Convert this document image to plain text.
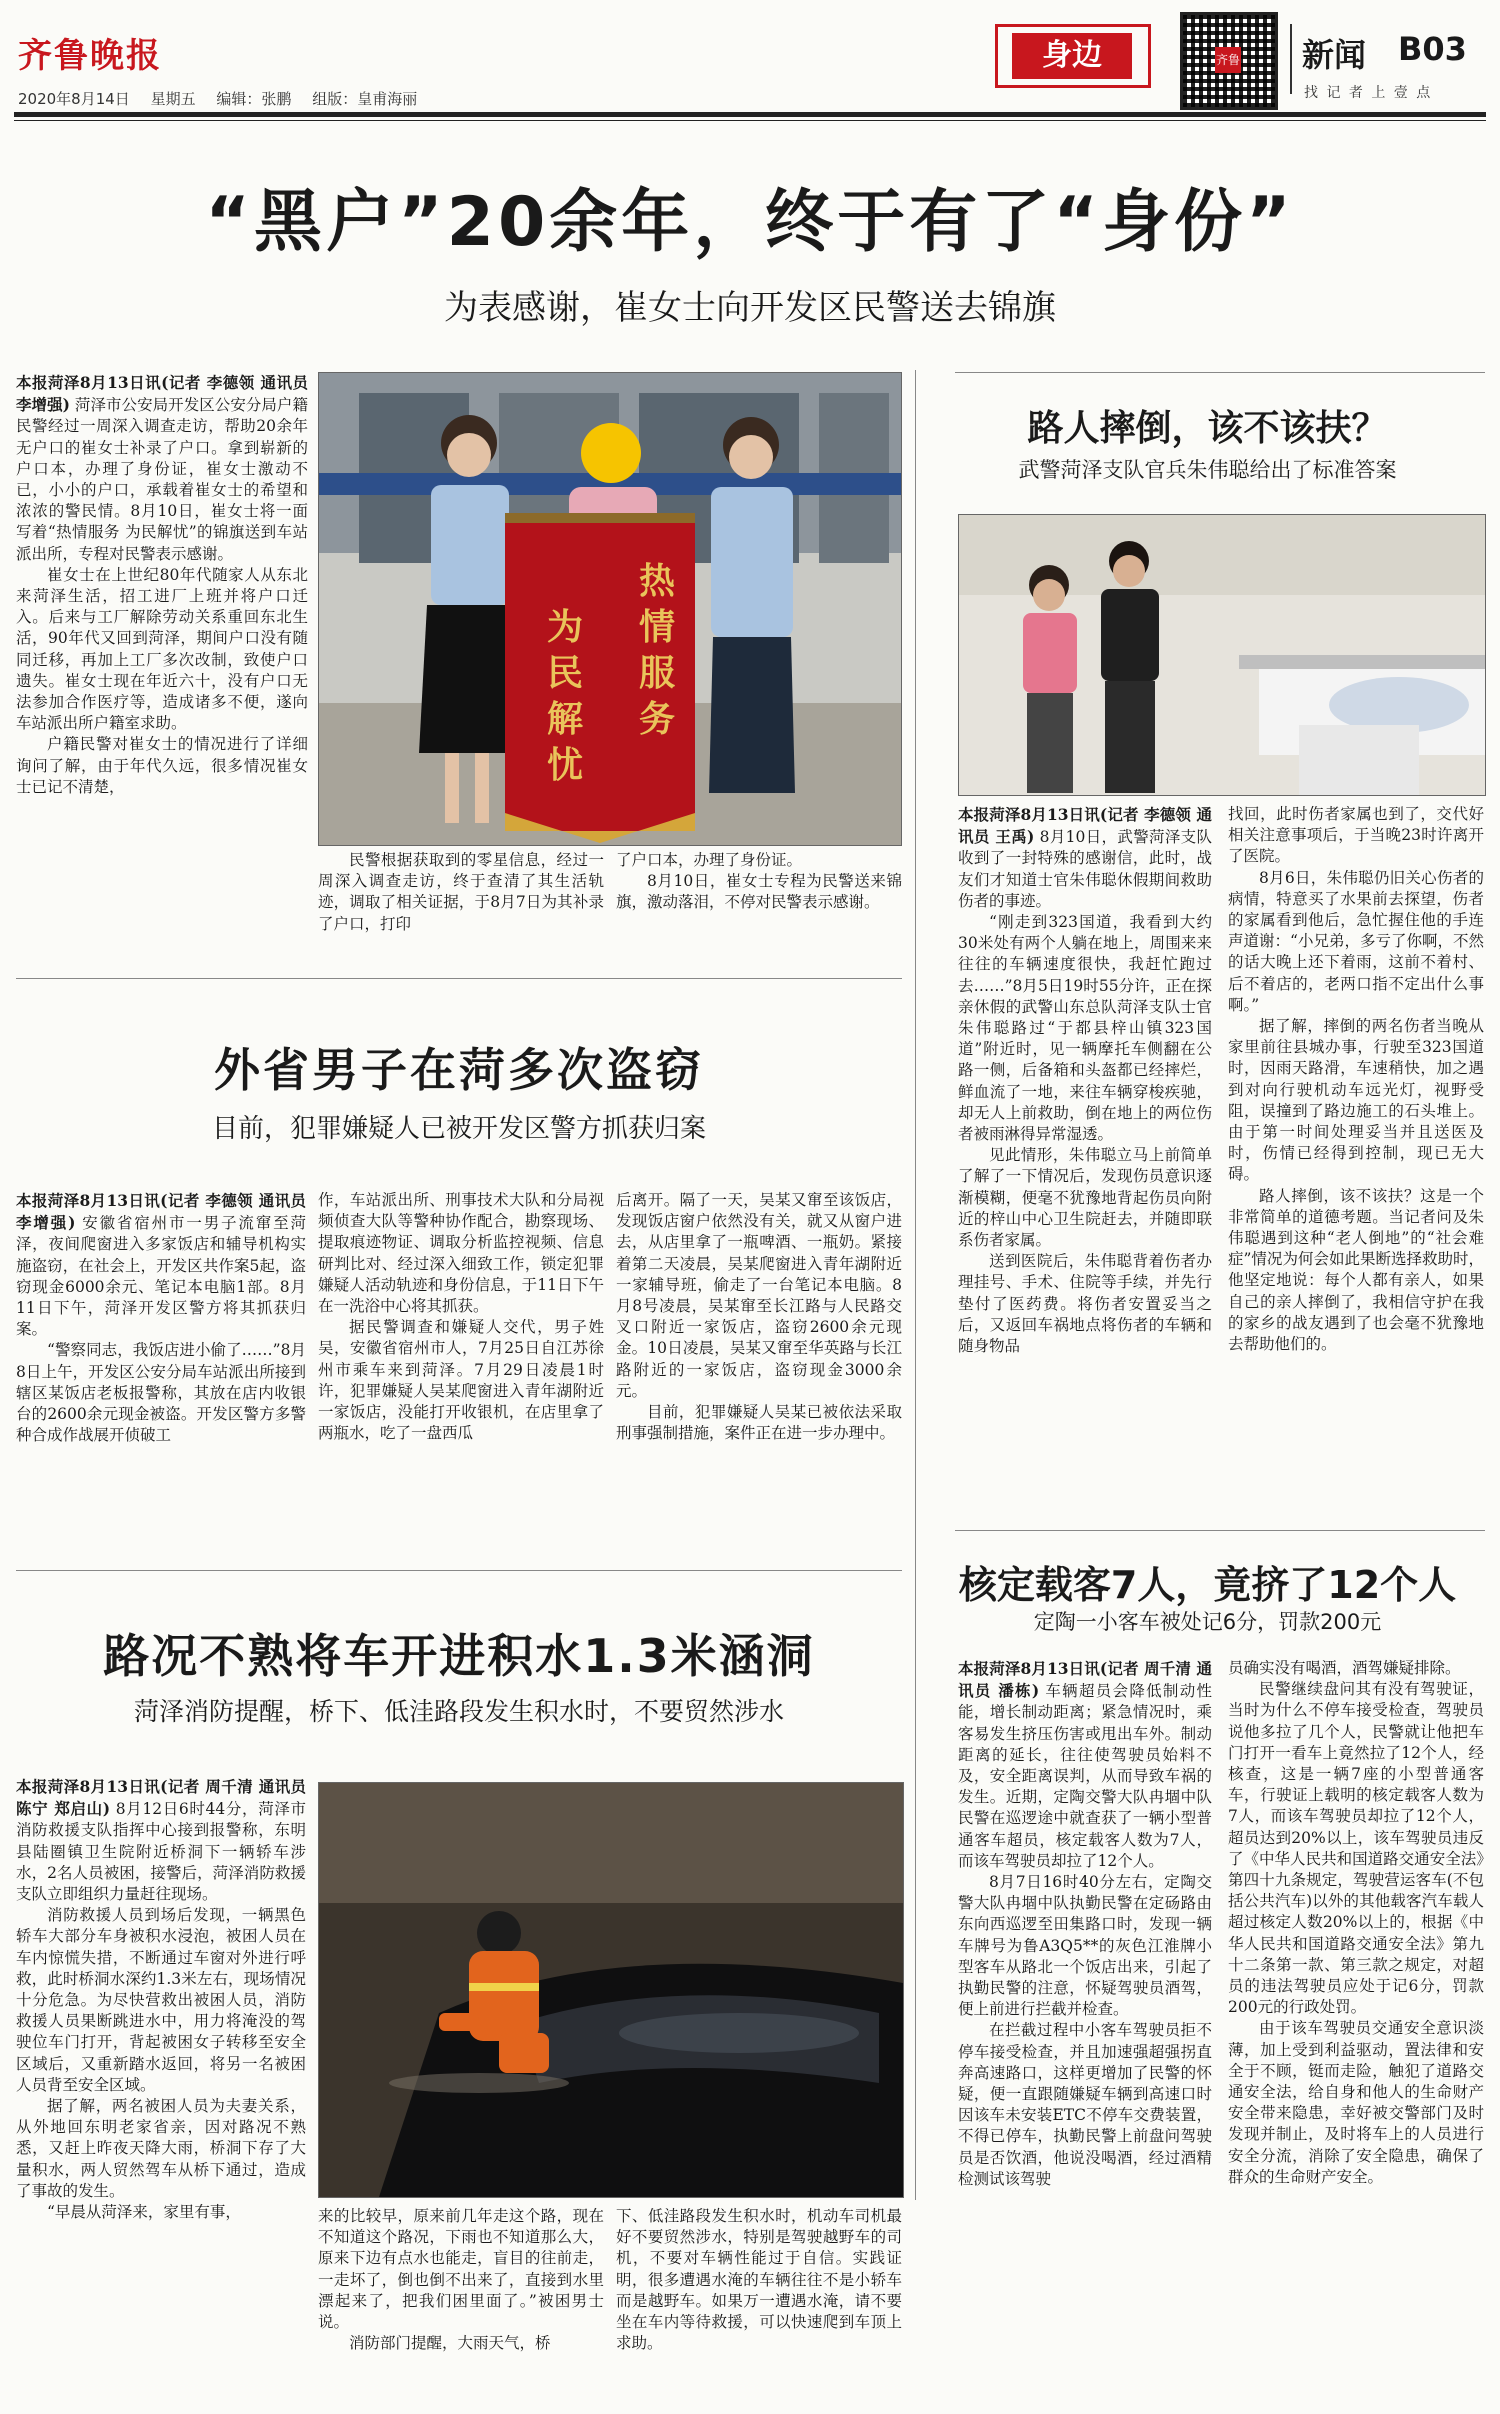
齐鲁晚报
2020年8月14日 星期五 编辑：张鹏 组版：皇甫海丽
身边	齐鲁 新闻 B03
找 记 者 上 壹 点
“黑户”20余年，终于有了“身份”
为表感谢，崔女士向开发区民警送去锦旗

本报菏泽8月13日讯(记者 李德领 通讯员 李增强) 菏泽市公安局开发区公安分局户籍民警经过一周深入调查走访，帮助20余年无户口的崔女士补录了户口。拿到崭新的户口本，办理了身份证，崔女士激动不已，小小的户口，承载着崔女士的希望和浓浓的警民情。8月10日，崔女士将一面写着“热情服务 为民解忧”的锦旗送到车站派出所，专程对民警表示感谢。

崔女士在上世纪80年代随家人从东北来菏泽生活，招工进厂上班并将户口迁入。后来与工厂解除劳动关系重回东北生活，90年代又回到菏泽，期间户口没有随同迁移，再加上工厂多次改制，致使户口遗失。崔女士现在年近六十，没有户口无法参加合作医疗等，造成诸多不便，遂向车站派出所户籍室求助。

户籍民警对崔女士的情况进行了详细询问了解，由于年代久远，很多情况崔女士已记不清楚，

热
情
服
务
为
民
解
忧

民警根据获取到的零星信息，经过一周深入调查走访，终于查清了其生活轨迹，调取了相关证据，于8月7日为其补录了户口，打印

了户口本，办理了身份证。

8月10日，崔女士专程为民警送来锦旗，激动落泪，不停对民警表示感谢。

路人摔倒，该不该扶？
武警菏泽支队官兵朱伟聪给出了标准答案

本报菏泽8月13日讯(记者 李德领 通讯员 王禹) 8月10日，武警菏泽支队收到了一封特殊的感谢信，此时，战友们才知道士官朱伟聪休假期间救助伤者的事迹。

“刚走到323国道，我看到大约30米处有两个人躺在地上，周围来来往往的车辆速度很快，我赶忙跑过去……”8月5日19时55分许，正在探亲休假的武警山东总队菏泽支队士官朱伟聪路过“于都县梓山镇323国道”附近时，见一辆摩托车侧翻在公路一侧，后备箱和头盔都已经摔烂，鲜血流了一地，来往车辆穿梭疾驰，却无人上前救助，倒在地上的两位伤者被雨淋得异常湿透。

见此情形，朱伟聪立马上前简单了解了一下情况后，发现伤员意识逐渐模糊，便毫不犹豫地背起伤员向附近的梓山中心卫生院赶去，并随即联系伤者家属。

送到医院后，朱伟聪背着伤者办理挂号、手术、住院等手续，并先行垫付了医药费。将伤者安置妥当之后，又返回车祸地点将伤者的车辆和随身物品

找回，此时伤者家属也到了，交代好相关注意事项后，于当晚23时许离开了医院。

8月6日，朱伟聪仍旧关心伤者的病情，特意买了水果前去探望，伤者的家属看到他后，急忙握住他的手连声道谢：“小兄弟，多亏了你啊，不然的话大晚上还下着雨，这前不着村、后不着店的，老两口指不定出什么事啊。”

据了解，摔倒的两名伤者当晚从家里前往县城办事，行驶至323国道时，因雨天路滑，车速稍快，加之遇到对向行驶机动车远光灯，视野受阻，误撞到了路边施工的石头堆上。由于第一时间处理妥当并且送医及时，伤情已经得到控制，现已无大碍。

路人摔倒，该不该扶？这是一个非常简单的道德考题。当记者问及朱伟聪遇到这种“老人倒地”的“社会难症”情况为何会如此果断选择救助时，他坚定地说：每个人都有亲人，如果自己的亲人摔倒了，我相信守护在我的家乡的战友遇到了也会毫不犹豫地去帮助他们的。

外省男子在菏多次盗窃
目前，犯罪嫌疑人已被开发区警方抓获归案

本报菏泽8月13日讯(记者 李德领 通讯员 李增强) 安徽省宿州市一男子流窜至菏泽，夜间爬窗进入多家饭店和辅导机构实施盗窃，在社会上，开发区共作案5起，盗窃现金6000余元、笔记本电脑1部。8月11日下午，菏泽开发区警方将其抓获归案。

“警察同志，我饭店进小偷了……”8月8日上午，开发区公安分局车站派出所接到辖区某饭店老板报警称，其放在店内收银台的2600余元现金被盗。开发区警方多警种合成作战展开侦破工

作，车站派出所、刑事技术大队和分局视频侦查大队等警种协作配合，勘察现场、提取痕迹物证、调取分析监控视频、信息研判比对、经过深入细致工作，锁定犯罪嫌疑人活动轨迹和身份信息，于11日下午在一洗浴中心将其抓获。

据民警调查和嫌疑人交代，男子姓吴，安徽省宿州市人，7月25日自江苏徐州市乘车来到菏泽。7月29日凌晨1时许，犯罪嫌疑人吴某爬窗进入青年湖附近一家饭店，没能打开收银机，在店里拿了两瓶水，吃了一盘西瓜

后离开。隔了一天，吴某又窜至该饭店，发现饭店窗户依然没有关，就又从窗户进去，从店里拿了一瓶啤酒、一瓶奶。紧接着第二天凌晨，吴某爬窗进入青年湖附近一家辅导班，偷走了一台笔记本电脑。8月8号凌晨，吴某窜至长江路与人民路交叉口附近一家饭店，盗窃2600余元现金。10日凌晨，吴某又窜至华英路与长江路附近的一家饭店，盗窃现金3000余元。

目前，犯罪嫌疑人吴某已被依法采取刑事强制措施，案件正在进一步办理中。

核定载客7人，竟挤了12个人
定陶一小客车被处记6分，罚款200元

本报菏泽8月13日讯(记者 周千清 通讯员 潘栋) 车辆超员会降低制动性能，增长制动距离；紧急情况时，乘客易发生挤压伤害或甩出车外。制动距离的延长，往往使驾驶员始料不及，安全距离误判，从而导致车祸的发生。近期，定陶交警大队冉堌中队民警在巡逻途中就查获了一辆小型普通客车超员，核定载客人数为7人，而该车驾驶员却拉了12个人。

8月7日16时40分左右，定陶交警大队冉堌中队执勤民警在定砀路由东向西巡逻至田集路口时，发现一辆车牌号为鲁A3Q5**的灰色江淮牌小型客车从路北一个饭店出来，引起了执勤民警的注意，怀疑驾驶员酒驾，便上前进行拦截并检查。

在拦截过程中小客车驾驶员拒不停车接受检查，并且加速强超强拐直奔高速路口，这样更增加了民警的怀疑，便一直跟随嫌疑车辆到高速口时因该车未安装ETC不停车交费装置，不得已停车，执勤民警上前盘问驾驶员是否饮酒，他说没喝酒，经过酒精检测试该驾驶

员确实没有喝酒，酒驾嫌疑排除。

民警继续盘问其有没有驾驶证，当时为什么不停车接受检查，驾驶员说他多拉了几个人，民警就让他把车门打开一看车上竟然拉了12个人，经核查，这是一辆7座的小型普通客车，行驶证上载明的核定载客人数为7人，而该车驾驶员却拉了12个人，超员达到20%以上，该车驾驶员违反了《中华人民共和国道路交通安全法》第四十九条规定，驾驶营运客车(不包括公共汽车)以外的其他载客汽车载人超过核定人数20%以上的，根据《中华人民共和国道路交通安全法》第九十二条第一款、第三款之规定，对超员的违法驾驶员应处于记6分，罚款200元的行政处罚。

由于该车驾驶员交通安全意识淡薄，加上受到利益驱动，置法律和安全于不顾，铤而走险，触犯了道路交通安全法，给自身和他人的生命财产安全带来隐患，幸好被交警部门及时发现并制止，及时将车上的人员进行安全分流，消除了安全隐患，确保了群众的生命财产安全。

路况不熟将车开进积水1.3米涵洞
菏泽消防提醒，桥下、低洼路段发生积水时，不要贸然涉水

本报菏泽8月13日讯(记者 周千清 通讯员 陈宁 郑启山) 8月12日6时44分，菏泽市消防救援支队指挥中心接到报警称，东明县陆圈镇卫生院附近桥洞下一辆轿车涉水，2名人员被困，接警后，菏泽消防救援支队立即组织力量赶往现场。

消防救援人员到场后发现，一辆黑色轿车大部分车身被积水浸泡，被困人员在车内惊慌失措，不断通过车窗对外进行呼救，此时桥洞水深约1.3米左右，现场情况十分危急。为尽快营救出被困人员，消防救援人员果断跳进水中，用力将淹没的驾驶位车门打开，背起被困女子转移至安全区域后，又重新踏水返回，将另一名被困人员背至安全区域。

据了解，两名被困人员为夫妻关系，从外地回东明老家省亲，因对路况不熟悉，又赶上昨夜天降大雨，桥洞下存了大量积水，两人贸然驾车从桥下通过，造成了事故的发生。

“早晨从菏泽来，家里有事，	来的比较早，原来前几年走这个路，现在不知道这个路况，下雨也不知道那么大，原来下边有点水也能走，盲目的往前走，一走坏了，倒也倒不出来了，直接到水里漂起来了，把我们困里面了。”被困男士说。

消防部门提醒，大雨天气，桥

下、低洼路段发生积水时，机动车司机最好不要贸然涉水，特别是驾驶越野车的司机，不要对车辆性能过于自信。实践证明，很多遭遇水淹的车辆往往不是小轿车而是越野车。如果万一遭遇水淹，请不要坐在车内等待救援，可以快速爬到车顶上求助。
